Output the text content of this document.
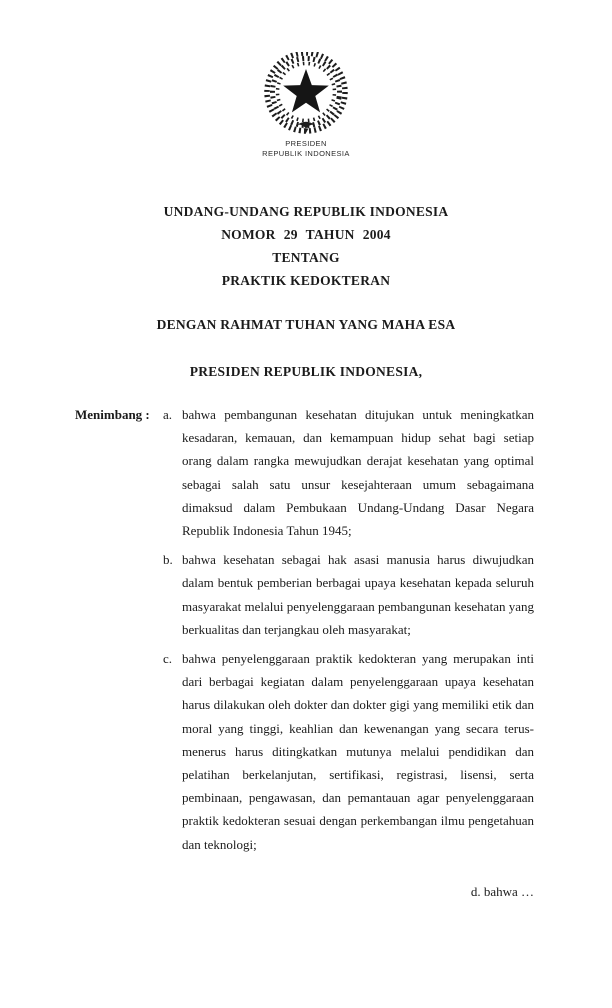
PRESIDEN
REPUBLIK INDONESIA
UNDANG-UNDANG REPUBLIK INDONESIA
NOMOR 29 TAHUN 2004
TENTANG
PRAKTIK KEDOKTERAN
DENGAN RAHMAT TUHAN YANG MAHA ESA
PRESIDEN REPUBLIK INDONESIA,
Menimbang :	a. bahwa pembangunan kesehatan ditujukan untuk meningkatkan kesadaran, kemauan, dan kemampuan hidup sehat bagi setiap orang dalam rangka mewujudkan derajat kesehatan yang optimal sebagai salah satu unsur kesejahteraan umum sebagaimana dimaksud dalam Pembukaan Undang-Undang Dasar Negara Republik Indonesia Tahun 1945;

b. bahwa kesehatan sebagai hak asasi manusia harus diwujudkan dalam bentuk pemberian berbagai upaya kesehatan kepada seluruh masyarakat melalui penyelenggaraan pembangunan kesehatan yang berkualitas dan terjangkau oleh masyarakat;

c. bahwa penyelenggaraan praktik kedokteran yang merupakan inti dari berbagai kegiatan dalam penyelenggaraan upaya kesehatan harus dilakukan oleh dokter dan dokter gigi yang memiliki etik dan moral yang tinggi, keahlian dan kewenangan yang secara terus-menerus harus ditingkatkan mutunya melalui pendidikan dan pelatihan berkelanjutan, sertifikasi, registrasi, lisensi, serta pembinaan, pengawasan, dan pemantauan agar penyelenggaraan praktik kedokteran sesuai dengan perkembangan ilmu pengetahuan dan teknologi;

d. bahwa …
